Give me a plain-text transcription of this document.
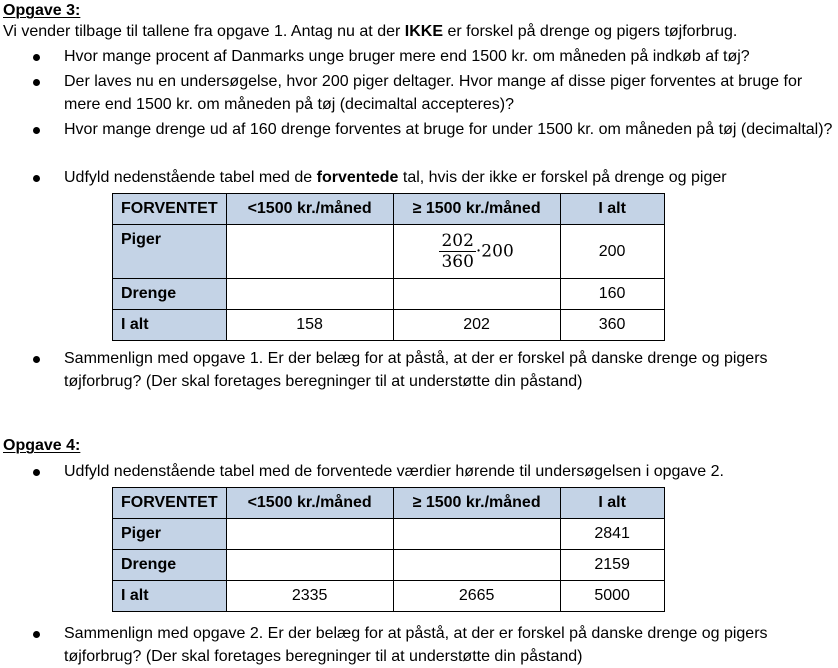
Opgave 3:
Vi vender tilbage til tallene fra opgave 1. Antag nu at der IKKE er forskel på drenge og pigers tøjforbrug.
Hvor mange procent af Danmarks unge bruger mere end 1500 kr. om måneden på indkøb af tøj?
Der laves nu en undersøgelse, hvor 200 piger deltager. Hvor mange af disse piger forventes at bruge for mere end 1500 kr. om måneden på tøj (decimaltal accepteres)?
Hvor mange drenge ud af 160 drenge forventes at bruge for under 1500 kr. om måneden på tøj (decimaltal)?
Udfyld nedenstående tabel med de forventede tal, hvis der ikke er forskel på drenge og piger
FORVENTET	<1500 kr./måned	≥ 1500 kr./måned	I alt
Piger		$\frac{202}{360} \cdot 200$	200
Drenge			160
I alt	158	202	360
Sammenlign med opgave 1. Er der belæg for at påstå, at der er forskel på danske drenge og pigers tøjforbrug? (Der skal foretages beregninger til at understøtte din påstand)
Opgave 4:
Udfyld nedenstående tabel med de forventede værdier hørende til undersøgelsen i opgave 2.
FORVENTET	<1500 kr./måned	≥ 1500 kr./måned	I alt
Piger			2841
Drenge			2159
I alt	2335	2665	5000
Sammenlign med opgave 2. Er der belæg for at påstå, at der er forskel på danske drenge og pigers tøjforbrug? (Der skal foretages beregninger til at understøtte din påstand)
